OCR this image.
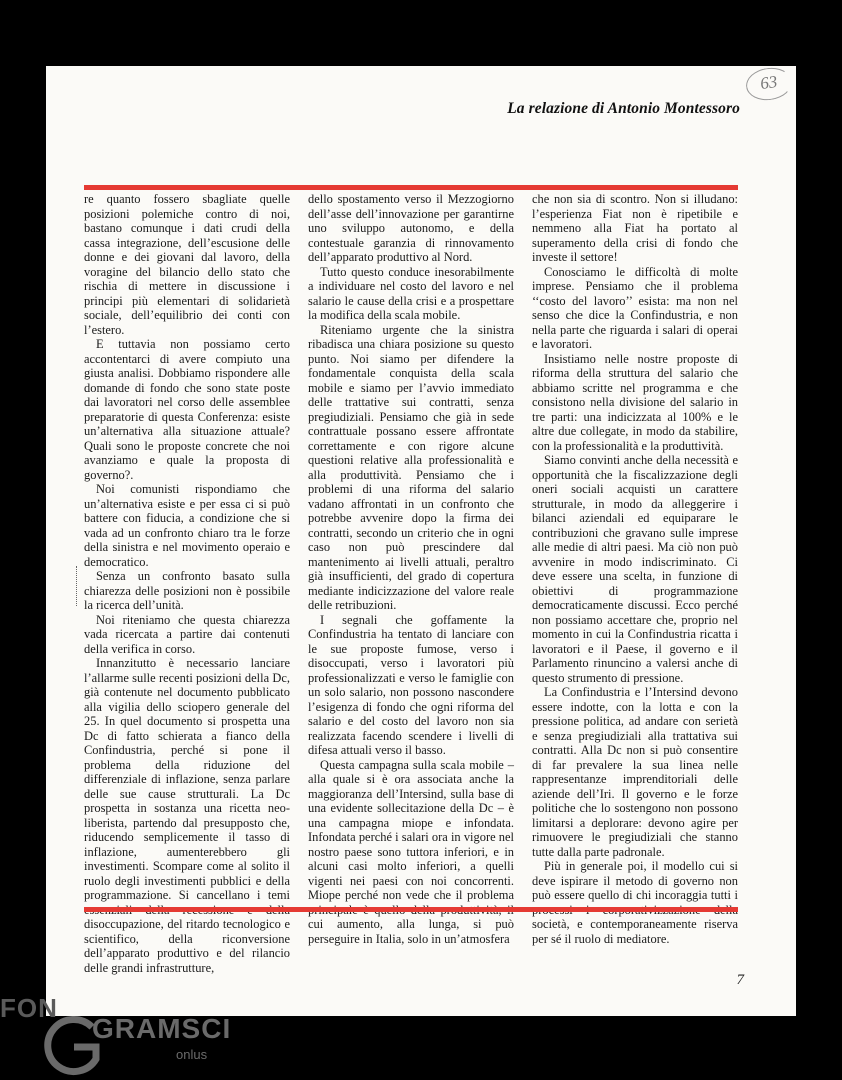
63
La relazione di Antonio Montessoro

re quanto fossero sbagliate quelle posizioni polemiche contro di noi, bastano comunque i dati crudi della cassa integrazione, dell’escusione delle donne e dei giovani dal lavoro, della voragine del bilancio dello stato che rischia di mettere in discussione i principi più elementari di solidarietà sociale, dell’equilibrio dei conti con l’estero.

E tuttavia non possiamo certo accontentarci di avere compiuto una giusta analisi. Dobbiamo rispondere alle domande di fondo che sono state poste dai lavoratori nel corso delle assemblee preparatorie di questa Conferenza: esiste un’alternativa alla situazione attuale? Quali sono le proposte concrete che noi avanziamo e quale la proposta di governo?.

Noi comunisti rispondiamo che un’alternativa esiste e per essa ci si può battere con fiducia, a condizione che si vada ad un confronto chiaro tra le forze della sinistra e nel movimento operaio e democratico.

Senza un confronto basato sulla chiarezza delle posizioni non è possibile la ricerca dell’unità.

Noi riteniamo che questa chiarezza vada ricercata a partire dai contenuti della verifica in corso.

Innanzitutto è necessario lanciare l’allarme sulle recenti posizioni della Dc, già contenute nel documento pubblicato alla vigilia dello sciopero generale del 25. In quel documento si prospetta una Dc di fatto schierata a fianco della Confindustria, perché si pone il problema della riduzione del differenziale di inflazione, senza parlare delle sue cause strutturali. La Dc prospetta in sostanza una ricetta neo-liberista, partendo dal presupposto che, riducendo semplicemente il tasso di inflazione, aumenterebbero gli investimenti. Scompare come al solito il ruolo degli investimenti pubblici e della programmazione. Si cancellano i temi disoccupazione, del ritardo tecnologico e scientifico, della riconversione dell’apparato produttivo e del rilancio delle grandi infrastrutture,

dello spostamento verso il Mezzogiorno dell’asse dell’innovazione per garantirne uno sviluppo autonomo, e della contestuale garanzia di rinnovamento dell’apparato produttivo al Nord.

Tutto questo conduce inesorabilmente a individuare nel costo del lavoro e nel salario le cause della crisi e a prospettare la modifica della scala mobile.

Riteniamo urgente che la sinistra ribadisca una chiara posizione su questo punto. Noi siamo per difendere la fondamentale conquista della scala mobile e siamo per l’avvio immediato delle trattative sui contratti, senza pregiudiziali. Pensiamo che già in sede contrattuale possano essere affrontate correttamente e con rigore alcune questioni relative alla professionalità e alla produttività. Pensiamo che i problemi di una riforma del salario vadano affrontati in un confronto che potrebbe avvenire dopo la firma dei contratti, secondo un criterio che in ogni caso non può prescindere dal mantenimento ai livelli attuali, peraltro già insufficienti, del grado di copertura mediante indicizzazione del valore reale delle retribuzioni.

I segnali che goffamente la Confindustria ha tentato di lanciare con le sue proposte fumose, verso i disoccupati, verso i lavoratori più professionalizzati e verso le famiglie con un solo salario, non possono nascondere l’esigenza di fondo che ogni riforma del salario e del costo del lavoro non sia realizzata facendo scendere i livelli di difesa attuali verso il basso.

Questa campagna sulla scala mobile – alla quale si è ora associata anche la maggioranza dell’Intersind, sulla base di una evidente sollecitazione della Dc – è una campagna miope e infondata. Infondata perché i salari ora in vigore nel nostro paese sono tuttora inferiori, e in alcuni casi molto inferiori, a quelli vigenti nei paesi con noi concorrenti. Miope perché non vede che il problema cui aumento, alla lunga, si può perseguire in Italia, solo in un’atmosfera

che non sia di scontro. Non si illudano: l’esperienza Fiat non è ripetibile e nemmeno alla Fiat ha portato al superamento della crisi di fondo che investe il settore!

Conosciamo le difficoltà di molte imprese. Pensiamo che il problema ‘‘costo del lavoro’’ esista: ma non nel senso che dice la Confindustria, e non nella parte che riguarda i salari di operai e lavoratori.

Insistiamo nelle nostre proposte di riforma della struttura del salario che abbiamo scritte nel programma e che consistono nella divisione del salario in tre parti: una indicizzata al 100% e le altre due collegate, in modo da stabilire, con la professionalità e la produttività.

Siamo convinti anche della necessità e opportunità che la fiscalizzazione degli oneri sociali acquisti un carattere strutturale, in modo da alleggerire i bilanci aziendali ed equiparare le contribuzioni che gravano sulle imprese alle medie di altri paesi. Ma ciò non può avvenire in modo indiscriminato. Ci deve essere una scelta, in funzione di obiettivi di programmazione democraticamente discussi. Ecco perché non possiamo accettare che, proprio nel momento in cui la Confindustria ricatta i lavoratori e il Paese, il governo e il Parlamento rinuncino a valersi anche di questo strumento di pressione.

La Confindustria e l’Intersind devono essere indotte, con la lotta e con la pressione politica, ad andare con serietà e senza pregiudiziali alla trattativa sui contratti. Alla Dc non si può consentire di far prevalere la sua linea nelle rappresentanze imprenditoriali delle aziende dell’Iri. Il governo e le forze politiche che lo sostengono non possono limitarsi a deplorare: devono agire per rimuovere le pregiudiziali che stanno tutte dalla parte padronale.

Più in generale poi, il modello cui si deve ispirare il metodo di governo non può essere quello di chi incoraggia tutti i società, e contemporaneamente riserva per sé il ruolo di mediatore.

7
FON
GRAMSCI
onlus
